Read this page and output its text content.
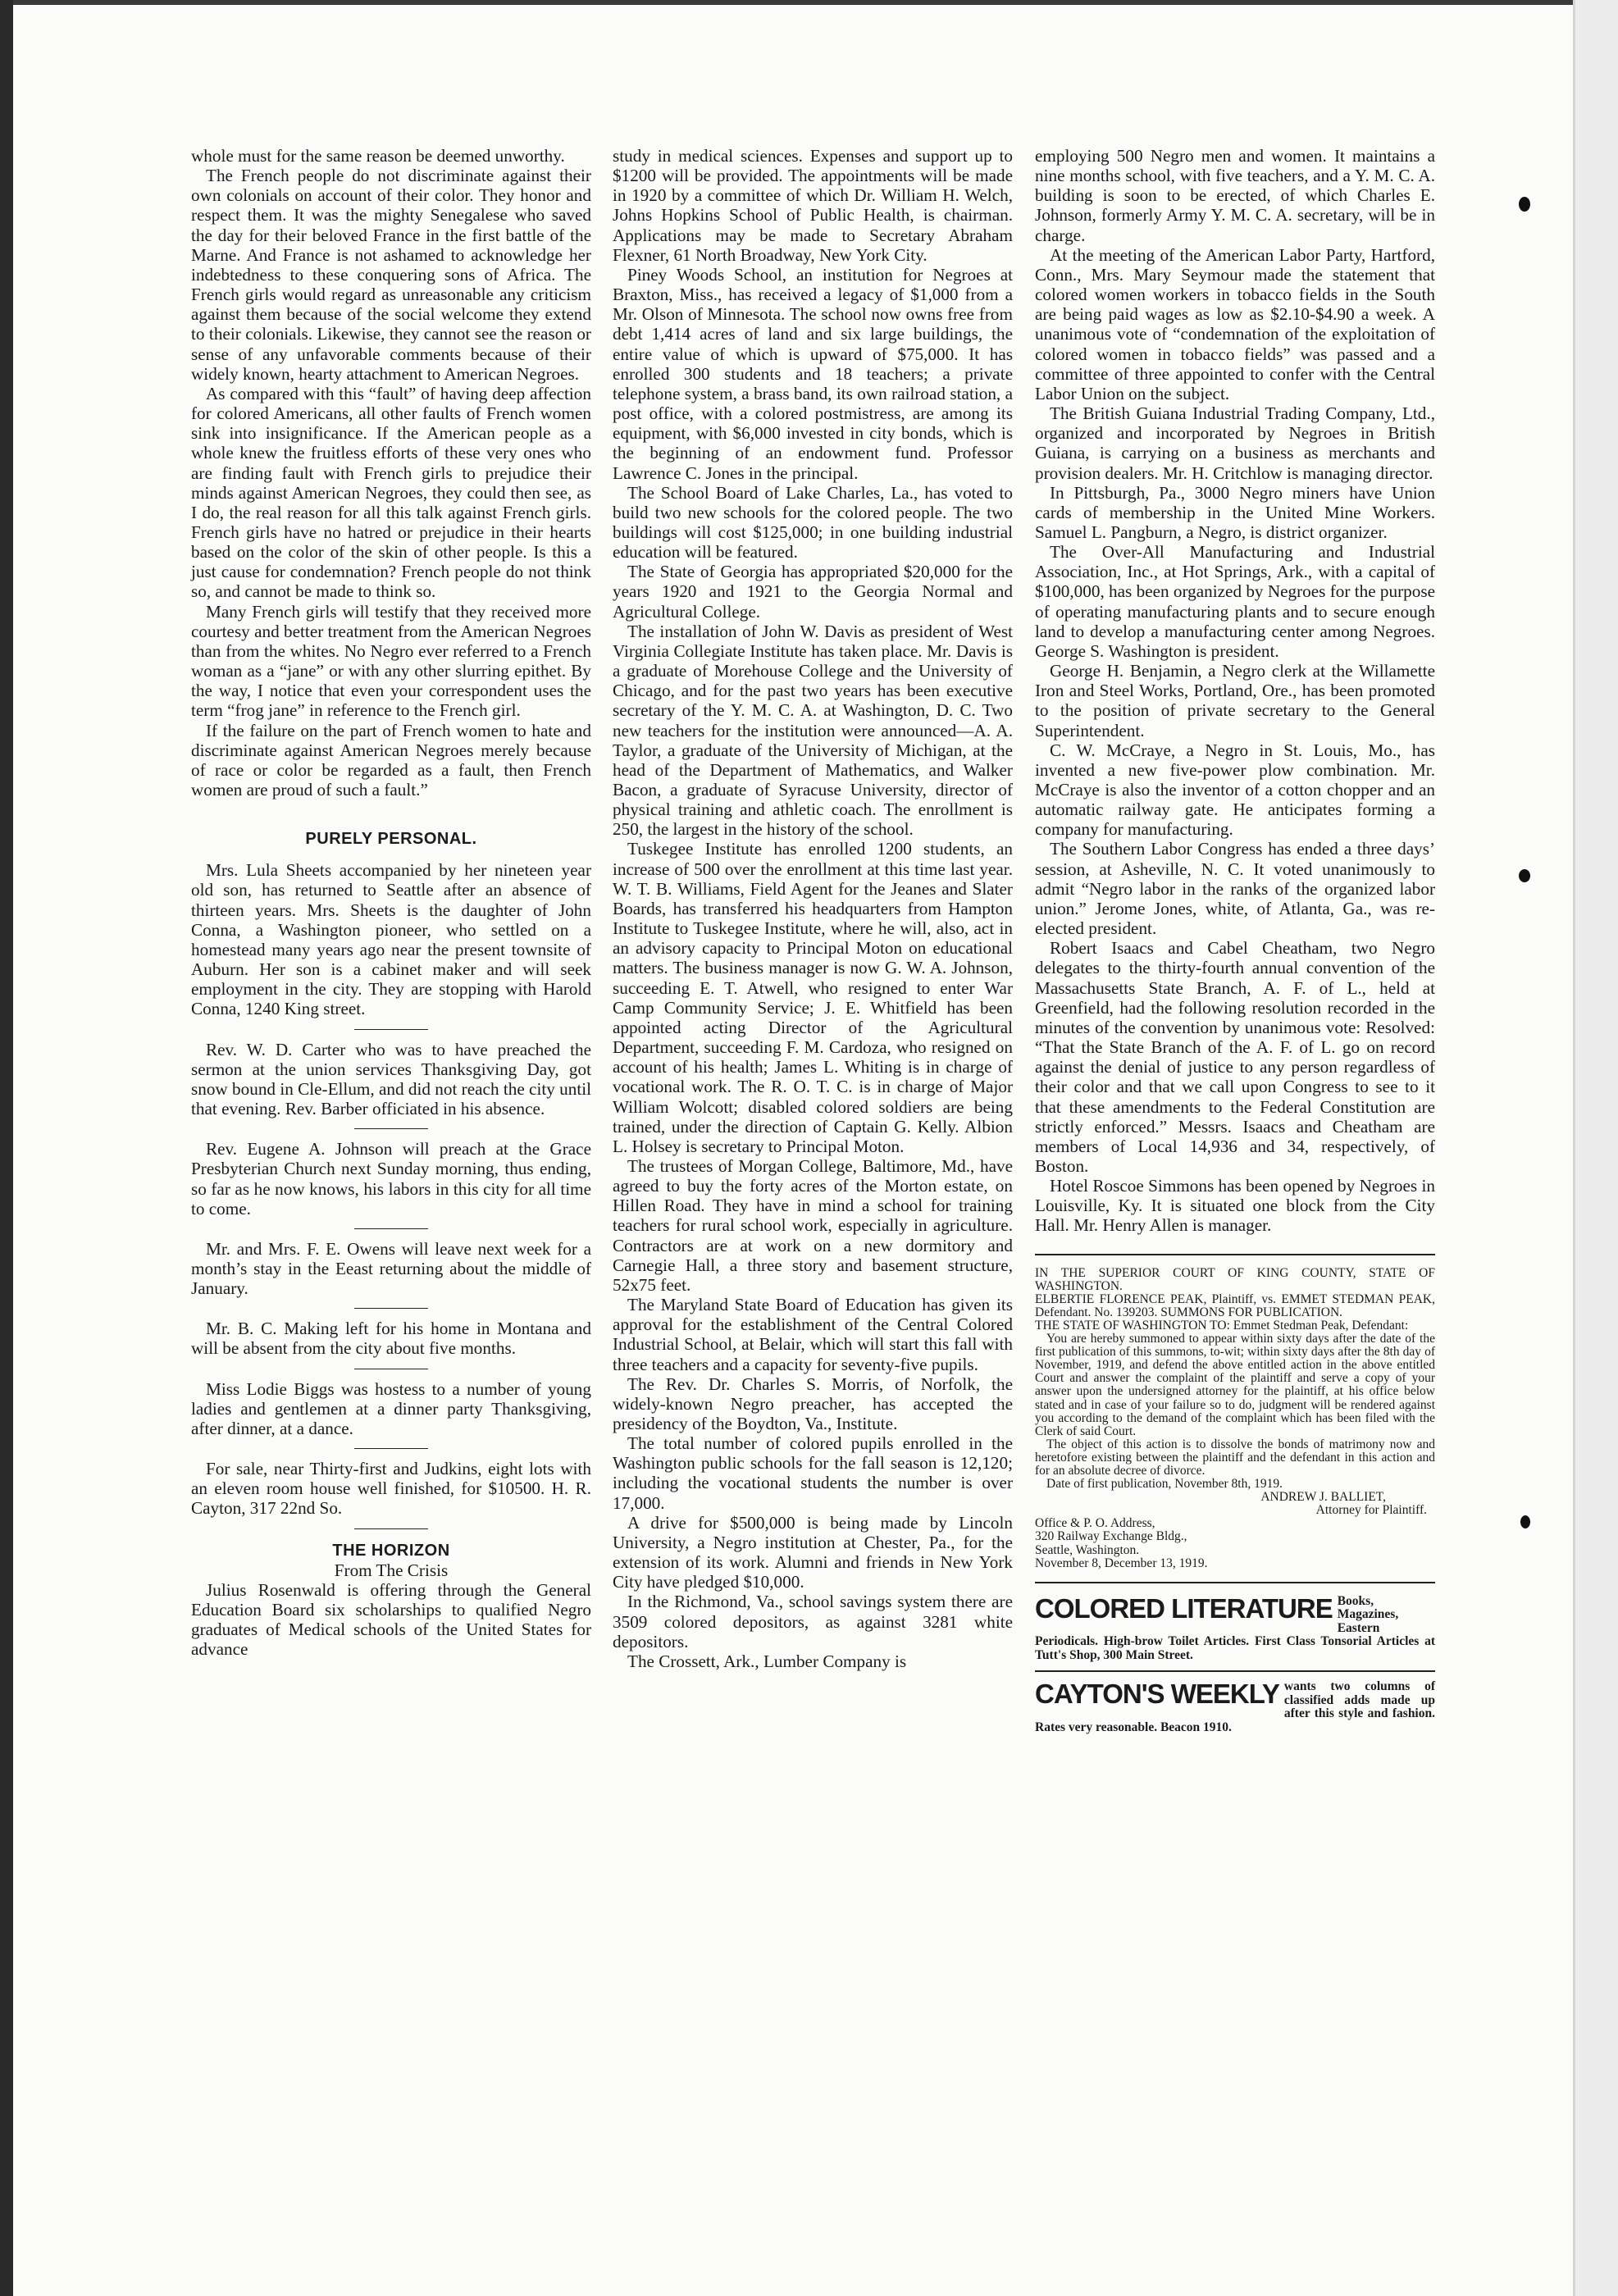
whole must for the same reason be deemed unworthy.

The French people do not discriminate against their own colonials on account of their color. They honor and respect them. It was the mighty Senegalese who saved the day for their beloved France in the first battle of the Marne. And France is not ashamed to acknowledge her indebtedness to these conquering sons of Africa. The French girls would regard as unreasonable any criticism against them because of the social welcome they extend to their colonials. Likewise, they cannot see the reason or sense of any unfavorable comments because of their widely known, hearty attachment to American Negroes.

As compared with this “fault” of having deep affection for colored Americans, all other faults of French women sink into insignificance. If the American people as a whole knew the fruitless efforts of these very ones who are finding fault with French girls to prejudice their minds against American Negroes, they could then see, as I do, the real reason for all this talk against French girls. French girls have no hatred or prejudice in their hearts based on the color of the skin of other people. Is this a just cause for condemnation? French people do not think so, and cannot be made to think so.

Many French girls will testify that they received more courtesy and better treatment from the American Negroes than from the whites. No Negro ever referred to a French woman as a “jane” or with any other slurring epithet. By the way, I notice that even your correspondent uses the term “frog jane” in reference to the French girl.

If the failure on the part of French women to hate and discriminate against American Negroes merely because of race or color be regarded as a fault, then French women are proud of such a fault.”

PURELY PERSONAL.

Mrs. Lula Sheets accompanied by her nineteen year old son, has returned to Seattle after an absence of thirteen years. Mrs. Sheets is the daughter of John Conna, a Washington pioneer, who settled on a homestead many years ago near the present townsite of Auburn. Her son is a cabinet maker and will seek employment in the city. They are stopping with Harold Conna, 1240 King street.

Rev. W. D. Carter who was to have preached the sermon at the union services Thanksgiving Day, got snow bound in Cle-Ellum, and did not reach the city until that evening. Rev. Barber officiated in his absence.

Rev. Eugene A. Johnson will preach at the Grace Presbyterian Church next Sunday morning, thus ending, so far as he now knows, his labors in this city for all time to come.

Mr. and Mrs. F. E. Owens will leave next week for a month’s stay in the Eeast returning about the middle of January.

Mr. B. C. Making left for his home in Montana and will be absent from the city about five months.

Miss Lodie Biggs was hostess to a number of young ladies and gentlemen at a dinner party Thanksgiving, after dinner, at a dance.

For sale, near Thirty-first and Judkins, eight lots with an eleven room house well finished, for $10500. H. R. Cayton, 317 22nd So.

THE HORIZON

From The Crisis

Julius Rosenwald is offering through the General Education Board six scholarships to qualified Negro graduates of Medical schools of the United States for advance

study in medical sciences. Expenses and support up to $1200 will be provided. The appointments will be made in 1920 by a committee of which Dr. William H. Welch, Johns Hopkins School of Public Health, is chairman. Applications may be made to Secretary Abraham Flexner, 61 North Broadway, New York City.

Piney Woods School, an institution for Negroes at Braxton, Miss., has received a legacy of $1,000 from a Mr. Olson of Minnesota. The school now owns free from debt 1,414 acres of land and six large buildings, the entire value of which is upward of $75,000. It has enrolled 300 students and 18 teachers; a private telephone system, a brass band, its own railroad station, a post office, with a colored postmistress, are among its equipment, with $6,000 invested in city bonds, which is the beginning of an endowment fund. Professor Lawrence C. Jones in the principal.

The School Board of Lake Charles, La., has voted to build two new schools for the colored people. The two buildings will cost $125,000; in one building industrial education will be featured.

The State of Georgia has appropriated $20,000 for the years 1920 and 1921 to the Georgia Normal and Agricultural College.

The installation of John W. Davis as president of West Virginia Collegiate Institute has taken place. Mr. Davis is a graduate of Morehouse College and the University of Chicago, and for the past two years has been executive secretary of the Y. M. C. A. at Washington, D. C. Two new teachers for the institution were announced—A. A. Taylor, a graduate of the University of Michigan, at the head of the Department of Mathematics, and Walker Bacon, a graduate of Syracuse University, director of physical training and athletic coach. The enrollment is 250, the largest in the history of the school.

Tuskegee Institute has enrolled 1200 students, an increase of 500 over the enrollment at this time last year. W. T. B. Williams, Field Agent for the Jeanes and Slater Boards, has transferred his headquarters from Hampton Institute to Tuskegee Institute, where he will, also, act in an advisory capacity to Principal Moton on educational matters. The business manager is now G. W. A. Johnson, succeeding E. T. Atwell, who resigned to enter War Camp Community Service; J. E. Whitfield has been appointed acting Director of the Agricultural Department, succeeding F. M. Cardoza, who resigned on account of his health; James L. Whiting is in charge of vocational work. The R. O. T. C. is in charge of Major William Wolcott; disabled colored soldiers are being trained, under the direction of Captain G. Kelly. Albion L. Holsey is secretary to Principal Moton.

The trustees of Morgan College, Baltimore, Md., have agreed to buy the forty acres of the Morton estate, on Hillen Road. They have in mind a school for training teachers for rural school work, especially in agriculture. Contractors are at work on a new dormitory and Carnegie Hall, a three story and basement structure, 52x75 feet.

The Maryland State Board of Education has given its approval for the establishment of the Central Colored Industrial School, at Belair, which will start this fall with three teachers and a capacity for seventy-five pupils.

The Rev. Dr. Charles S. Morris, of Norfolk, the widely-known Negro preacher, has accepted the presidency of the Boydton, Va., Institute.

The total number of colored pupils enrolled in the Washington public schools for the fall season is 12,120; including the vocational students the number is over 17,000.

A drive for $500,000 is being made by Lincoln University, a Negro institution at Chester, Pa., for the extension of its work. Alumni and friends in New York City have pledged $10,000.

In the Richmond, Va., school savings system there are 3509 colored depositors, as against 3281 white depositors.

The Crossett, Ark., Lumber Company is

employing 500 Negro men and women. It maintains a nine months school, with five teachers, and a Y. M. C. A. building is soon to be erected, of which Charles E. Johnson, formerly Army Y. M. C. A. secretary, will be in charge.

At the meeting of the American Labor Party, Hartford, Conn., Mrs. Mary Seymour made the statement that colored women workers in tobacco fields in the South are being paid wages as low as $2.10-$4.90 a week. A unanimous vote of “condemnation of the exploitation of colored women in tobacco fields” was passed and a committee of three appointed to confer with the Central Labor Union on the subject.

The British Guiana Industrial Trading Company, Ltd., organized and incorporated by Negroes in British Guiana, is carrying on a business as merchants and provision dealers. Mr. H. Critchlow is managing director.

In Pittsburgh, Pa., 3000 Negro miners have Union cards of membership in the United Mine Workers. Samuel L. Pangburn, a Negro, is district organizer.

The Over-All Manufacturing and Industrial Association, Inc., at Hot Springs, Ark., with a capital of $100,000, has been organized by Negroes for the purpose of operating manufacturing plants and to secure enough land to develop a manufacturing center among Negroes. George S. Washington is president.

George H. Benjamin, a Negro clerk at the Willamette Iron and Steel Works, Portland, Ore., has been promoted to the position of private secretary to the General Superintendent.

C. W. McCraye, a Negro in St. Louis, Mo., has invented a new five-power plow combination. Mr. McCraye is also the inventor of a cotton chopper and an automatic railway gate. He anticipates forming a company for manufacturing.

The Southern Labor Congress has ended a three days’ session, at Asheville, N. C. It voted unanimously to admit “Negro labor in the ranks of the organized labor union.” Jerome Jones, white, of Atlanta, Ga., was re-elected president.

Robert Isaacs and Cabel Cheatham, two Negro delegates to the thirty-fourth annual convention of the Massachusetts State Branch, A. F. of L., held at Greenfield, had the following resolution recorded in the minutes of the convention by unanimous vote: Resolved: “That the State Branch of the A. F. of L. go on record against the denial of justice to any person regardless of their color and that we call upon Congress to see to it that these amendments to the Federal Constitution are strictly enforced.” Messrs. Isaacs and Cheatham are members of Local 14,936 and 34, respectively, of Boston.

Hotel Roscoe Simmons has been opened by Negroes in Louisville, Ky. It is situated one block from the City Hall. Mr. Henry Allen is manager.

IN THE SUPERIOR COURT OF KING COUNTY, STATE OF WASHINGTON.

ELBERTIE FLORENCE PEAK, Plaintiff, vs. EMMET STEDMAN PEAK, Defendant. No. 139203. SUMMONS FOR PUBLICATION.

THE STATE OF WASHINGTON TO: Emmet Stedman Peak, Defendant:

You are hereby summoned to appear within sixty days after the date of the first publication of this summons, to-wit; within sixty days after the 8th day of November, 1919, and defend the above entitled action in the above entitled Court and answer the complaint of the plaintiff and serve a copy of your answer upon the undersigned attorney for the plaintiff, at his office below stated and in case of your failure so to do, judgment will be rendered against you according to the demand of the complaint which has been filed with the Clerk of said Court.

The object of this action is to dissolve the bonds of matrimony now and heretofore existing between the plaintiff and the defendant in this action and for an absolute decree of divorce.

Date of first publication, November 8th, 1919.

ANDREW J. BALLIET,

Attorney for Plaintiff.

Office & P. O. Address,

320 Railway Exchange Bldg.,

Seattle, Washington.

November 8, December 13, 1919.

COLORED LITERATURE Books, Magazines, Eastern Periodicals. High-brow Toilet Articles. First Class Tonsorial Articles at Tutt's Shop, 300 Main Street.

CAYTON'S WEEKLY wants two columns of classified adds made up after this style and fashion. Rates very reasonable. Beacon 1910.
